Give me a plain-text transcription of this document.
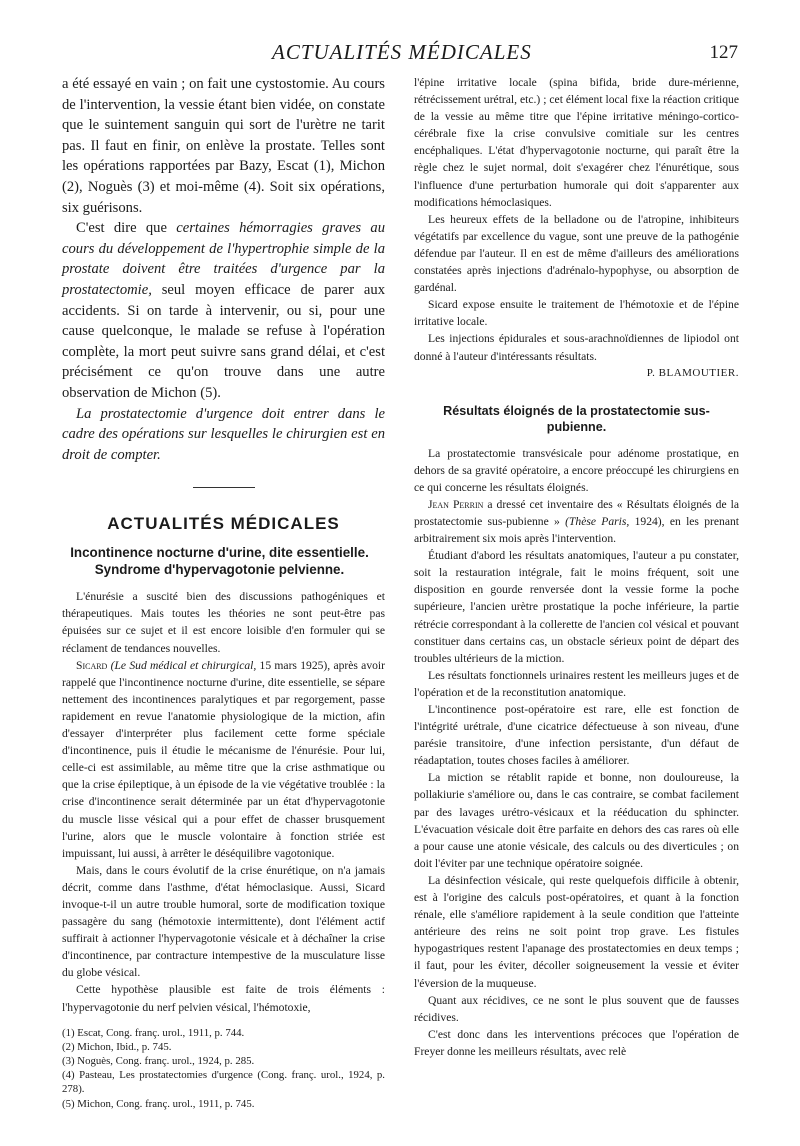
ACTUALITÉS MÉDICALES	127

a été essayé en vain ; on fait une cystostomie. Au cours de l'intervention, la vessie étant bien vidée, on constate que le suintement sanguin qui sort de l'urètre ne tarit pas. Il faut en finir, on enlève la prostate. Telles sont les opérations rapportées par Bazy, Escat (1), Michon (2), Noguès (3) et moi-même (4). Soit six opérations, six guérisons.

C'est dire que certaines hémorragies graves au cours du développement de l'hypertrophie simple de la prostate doivent être traitées d'urgence par la prostatectomie, seul moyen efficace de parer aux accidents. Si on tarde à intervenir, ou si, pour une cause quelconque, le malade se refuse à l'opération complète, la mort peut suivre sans grand délai, et c'est précisément ce qu'on trouve dans une autre observation de Michon (5).

La prostatectomie d'urgence doit entrer dans le cadre des opérations sur lesquelles le chirurgien est en droit de compter.

ACTUALITÉS MÉDICALES
Incontinence nocturne d'urine, dite essentielle. Syndrome d'hypervagotonie pelvienne.

L'énurésie a suscité bien des discussions pathogéniques et thérapeutiques. Mais toutes les théories ne sont peut-être pas épuisées sur ce sujet et il est encore loisible d'en formuler qui se réclament de tendances nouvelles.

Sicard (Le Sud médical et chirurgical, 15 mars 1925), après avoir rappelé que l'incontinence nocturne d'urine, dite essentielle, se sépare nettement des incontinences paralytiques et par regorgement, passe rapidement en revue l'anatomie physiologique de la miction, afin d'essayer d'interpréter plus facilement cette forme spéciale d'incontinence, puis il étudie le mécanisme de l'énurésie. Pour lui, celle-ci est assimilable, au même titre que la crise asthmatique ou que la crise épileptique, à un épisode de la vie végétative troublée : la crise d'incontinence serait déterminée par un état d'hypervagotonie du muscle lisse vésical qui a pour effet de chasser brusquement l'urine, alors que le muscle volontaire à fonction striée est impuissant, lui aussi, à arrêter le déséquilibre vagotonique.

Mais, dans le cours évolutif de la crise énurétique, on n'a jamais décrit, comme dans l'asthme, d'état hémoclasique. Aussi, Sicard invoque-t-il un autre trouble humoral, sorte de modification toxique passagère du sang (hémotoxie intermittente), dont l'élément actif suffirait à actionner l'hypervagotonie vésicale et à déchaîner la crise d'incontinence, par contracture intempestive de la musculature lisse du globe vésical.

Cette hypothèse plausible est faite de trois éléments : l'hypervagotonie du nerf pelvien vésical, l'hémotoxie,

(1) Escat, Cong. franç. urol., 1911, p. 744.

(2) Michon, Ibid., p. 745.

(3) Noguès, Cong. franç. urol., 1924, p. 285.

(4) Pasteau, Les prostatectomies d'urgence (Cong. franç. urol., 1924, p. 278).

(5) Michon, Cong. franç. urol., 1911, p. 745.

l'épine irritative locale (spina bifida, bride dure-mérienne, rétrécissement urétral, etc.) ; cet élément local fixe la réaction critique de la vessie au même titre que l'épine irritative méningo-cortico-cérébrale fixe la crise convulsive comitiale sur les centres encéphaliques. L'état d'hypervagotonie nocturne, qui paraît être la règle chez le sujet normal, doit s'exagérer chez l'énurétique, sous l'influence d'une perturbation humorale qui doit s'apparenter aux modifications hémoclasiques.

Les heureux effets de la belladone ou de l'atropine, inhibiteurs végétatifs par excellence du vague, sont une preuve de la pathogénie défendue par l'auteur. Il en est de même d'ailleurs des améliorations constatées après injections d'adrénalo-hypophyse, ou absorption de gardénal.

Sicard expose ensuite le traitement de l'hémotoxie et de l'épine irritative locale.

Les injections épidurales et sous-arachnoïdiennes de lipiodol ont donné à l'auteur d'intéressants résultats.

P. BLAMOUTIER.
Résultats éloignés de la prostatectomie sus-pubienne.

La prostatectomie transvésicale pour adénome prostatique, en dehors de sa gravité opératoire, a encore préoccupé les chirurgiens en ce qui concerne les résultats éloignés.

Jean Perrin a dressé cet inventaire des « Résultats éloignés de la prostatectomie sus-pubienne » (Thèse Paris, 1924), en les prenant arbitrairement six mois après l'intervention.

Étudiant d'abord les résultats anatomiques, l'auteur a pu constater, soit la restauration intégrale, fait le moins fréquent, soit une disposition en gourde renversée dont la vessie forme la poche supérieure, l'ancien urètre prostatique la poche inférieure, la partie rétrécie correspondant à la collerette de l'ancien col vésical et pouvant constituer dans certains cas, un obstacle sérieux point de départ des troubles ultérieurs de la miction.

Les résultats fonctionnels urinaires restent les meilleurs juges et de l'opération et de la reconstitution anatomique.

L'incontinence post-opératoire est rare, elle est fonction de l'intégrité urétrale, d'une cicatrice défectueuse à son niveau, d'une parésie transitoire, d'une infection persistante, d'un défaut de réadaptation, toutes choses faciles à améliorer.

La miction se rétablit rapide et bonne, non douloureuse, la pollakiurie s'améliore ou, dans le cas contraire, se combat facilement par des lavages urétro-vésicaux et la rééducation du sphincter. L'évacuation vésicale doit être parfaite en dehors des cas rares où elle a pour cause une atonie vésicale, des calculs ou des diverticules ; on doit l'éviter par une technique opératoire soignée.

La désinfection vésicale, qui reste quelquefois difficile à obtenir, est à l'origine des calculs post-opératoires, et quant à la fonction rénale, elle s'améliore rapidement à la seule condition que l'atteinte antérieure des reins ne soit point trop grave. Les fistules hypogastriques restent l'apanage des prostatectomies en deux temps ; il faut, pour les éviter, décoller soigneusement la vessie et éviter l'éversion de la muqueuse.

Quant aux récidives, ce ne sont le plus souvent que de fausses récidives.

C'est donc dans les interventions précoces que l'opération de Freyer donne les meilleurs résultats, avec relè
